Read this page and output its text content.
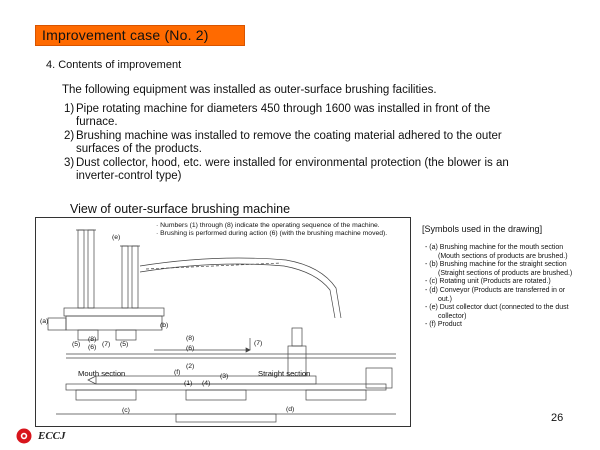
Improvement case (No. 2)
4. Contents of improvement
The following equipment was installed as outer-surface brushing facilities.
1) Pipe rotating machine for diameters 450 through 1600 was installed in front of the furnace.
2) Brushing machine was installed to remove the coating material adhered to the outer surfaces of the products.
3) Dust collector, hood, etc. were installed for environmental protection (the blower is an inverter-control type)
View of outer-surface brushing machine
· Numbers (1) through (8) indicate the operating sequence of the machine.
· Brushing is performed during action (6) (with the brushing machine moved).
(e)
(a)
(b)
(8)
(5) (6) (7) (5)
(8)
(6)
(7)
(f)
(2)
(3)
(1) (4)
(c)	(d)
Mouth section	Straight section
[Symbols used in the drawing]
- (a) Brushing machine for the mouth section (Mouth sections of products are brushed.)
- (b) Brushing machine for the straight section (Straight sections of products are brushed.)
- (c) Rotating unit (Products are rotated.)
- (d) Conveyor (Products are transferred in or out.)
- (e) Dust collector duct (connected to the dust collector)
- (f) Product
26
ECCJ
